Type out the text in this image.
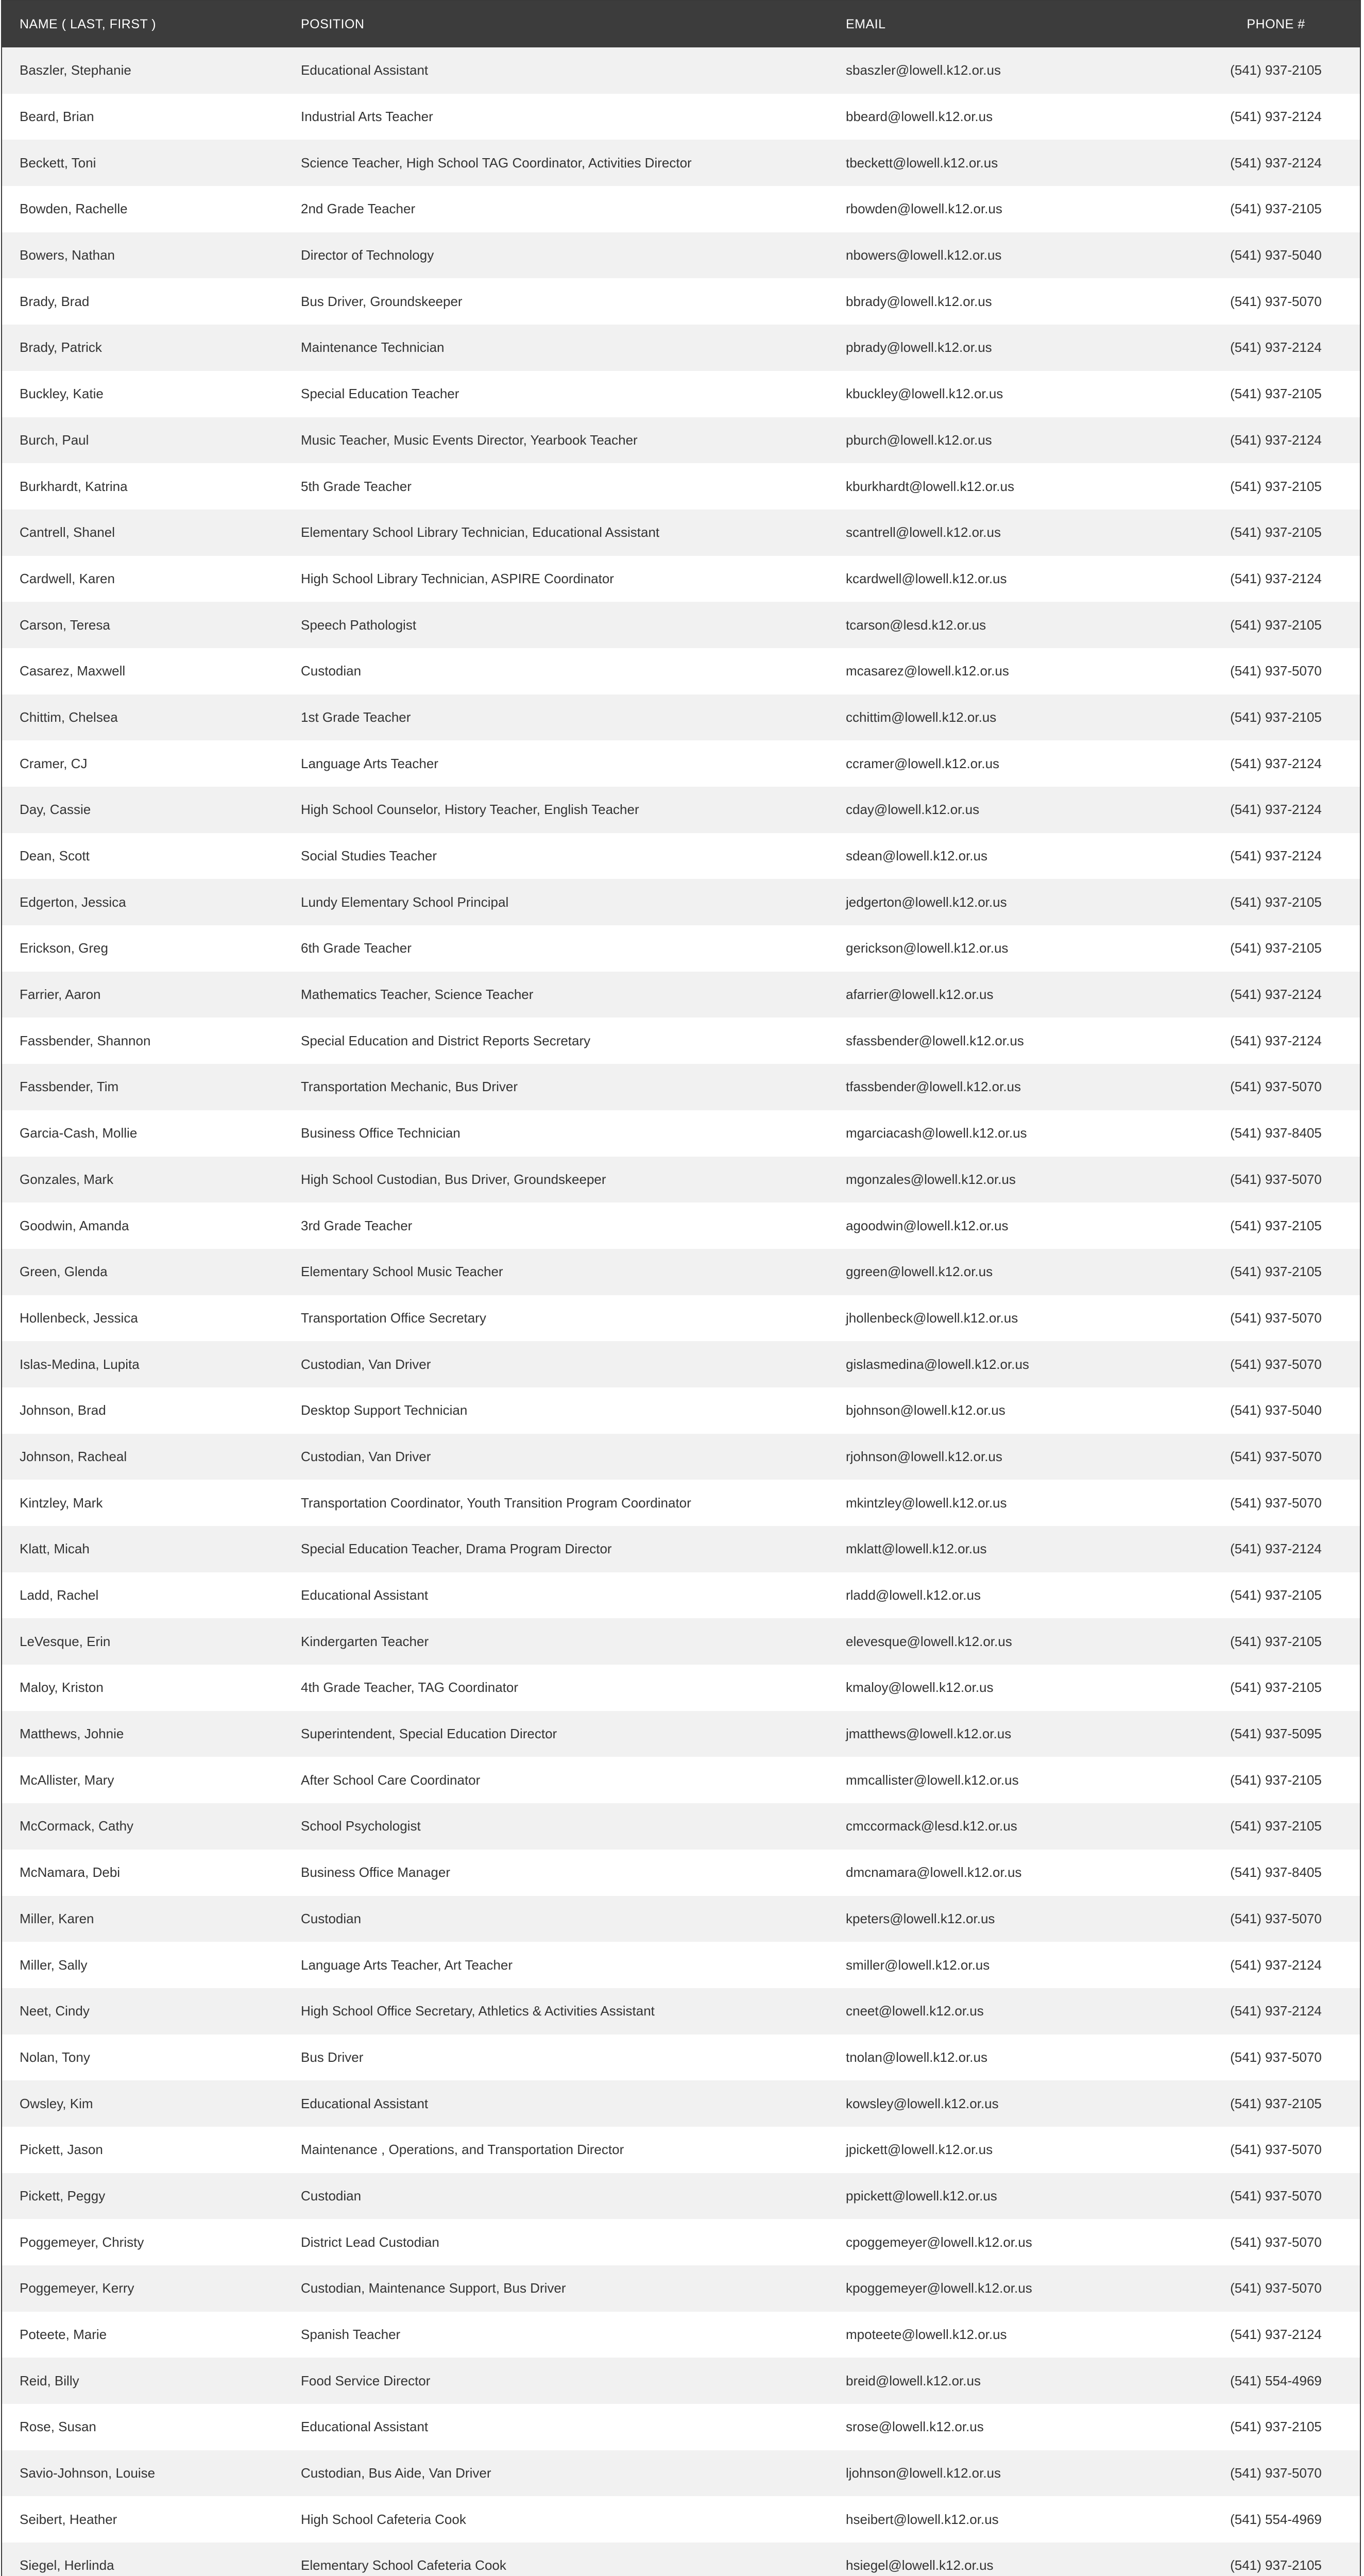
NAME ( LAST, FIRST )	POSITION	EMAIL	PHONE #
Baszler, Stephanie	Educational Assistant	sbaszler@lowell.k12.or.us	(541) 937-2105
Beard, Brian	Industrial Arts Teacher	bbeard@lowell.k12.or.us	(541) 937-2124
Beckett, Toni	Science Teacher, High School TAG Coordinator, Activities Director	tbeckett@lowell.k12.or.us	(541) 937-2124
Bowden, Rachelle	2nd Grade Teacher	rbowden@lowell.k12.or.us	(541) 937-2105
Bowers, Nathan	Director of Technology	nbowers@lowell.k12.or.us	(541) 937-5040
Brady, Brad	Bus Driver, Groundskeeper	bbrady@lowell.k12.or.us	(541) 937-5070
Brady, Patrick	Maintenance Technician	pbrady@lowell.k12.or.us	(541) 937-2124
Buckley, Katie	Special Education Teacher	kbuckley@lowell.k12.or.us	(541) 937-2105
Burch, Paul	Music Teacher, Music Events Director, Yearbook Teacher	pburch@lowell.k12.or.us	(541) 937-2124
Burkhardt, Katrina	5th Grade Teacher	kburkhardt@lowell.k12.or.us	(541) 937-2105
Cantrell, Shanel	Elementary School Library Technician, Educational Assistant	scantrell@lowell.k12.or.us	(541) 937-2105
Cardwell, Karen	High School Library Technician, ASPIRE Coordinator	kcardwell@lowell.k12.or.us	(541) 937-2124
Carson, Teresa	Speech Pathologist	tcarson@lesd.k12.or.us	(541) 937-2105
Casarez, Maxwell	Custodian	mcasarez@lowell.k12.or.us	(541) 937-5070
Chittim, Chelsea	1st Grade Teacher	cchittim@lowell.k12.or.us	(541) 937-2105
Cramer, CJ	Language Arts Teacher	ccramer@lowell.k12.or.us	(541) 937-2124
Day, Cassie	High School Counselor, History Teacher, English Teacher	cday@lowell.k12.or.us	(541) 937-2124
Dean, Scott	Social Studies Teacher	sdean@lowell.k12.or.us	(541) 937-2124
Edgerton, Jessica	Lundy Elementary School Principal	jedgerton@lowell.k12.or.us	(541) 937-2105
Erickson, Greg	6th Grade Teacher	gerickson@lowell.k12.or.us	(541) 937-2105
Farrier, Aaron	Mathematics Teacher, Science Teacher	afarrier@lowell.k12.or.us	(541) 937-2124
Fassbender, Shannon	Special Education and District Reports Secretary	sfassbender@lowell.k12.or.us	(541) 937-2124
Fassbender, Tim	Transportation Mechanic, Bus Driver	tfassbender@lowell.k12.or.us	(541) 937-5070
Garcia-Cash, Mollie	Business Office Technician	mgarciacash@lowell.k12.or.us	(541) 937-8405
Gonzales, Mark	High School Custodian, Bus Driver, Groundskeeper	mgonzales@lowell.k12.or.us	(541) 937-5070
Goodwin, Amanda	3rd Grade Teacher	agoodwin@lowell.k12.or.us	(541) 937-2105
Green, Glenda	Elementary School Music Teacher	ggreen@lowell.k12.or.us	(541) 937-2105
Hollenbeck, Jessica	Transportation Office Secretary	jhollenbeck@lowell.k12.or.us	(541) 937-5070
Islas-Medina, Lupita	Custodian, Van Driver	gislasmedina@lowell.k12.or.us	(541) 937-5070
Johnson, Brad	Desktop Support Technician	bjohnson@lowell.k12.or.us	(541) 937-5040
Johnson, Racheal	Custodian, Van Driver	rjohnson@lowell.k12.or.us	(541) 937-5070
Kintzley, Mark	Transportation Coordinator, Youth Transition Program Coordinator	mkintzley@lowell.k12.or.us	(541) 937-5070
Klatt, Micah	Special Education Teacher, Drama Program Director	mklatt@lowell.k12.or.us	(541) 937-2124
Ladd, Rachel	Educational Assistant	rladd@lowell.k12.or.us	(541) 937-2105
LeVesque, Erin	Kindergarten Teacher	elevesque@lowell.k12.or.us	(541) 937-2105
Maloy, Kriston	4th Grade Teacher, TAG Coordinator	kmaloy@lowell.k12.or.us	(541) 937-2105
Matthews, Johnie	Superintendent, Special Education Director	jmatthews@lowell.k12.or.us	(541) 937-5095
McAllister, Mary	After School Care Coordinator	mmcallister@lowell.k12.or.us	(541) 937-2105
McCormack, Cathy	School Psychologist	cmccormack@lesd.k12.or.us	(541) 937-2105
McNamara, Debi	Business Office Manager	dmcnamara@lowell.k12.or.us	(541) 937-8405
Miller, Karen	Custodian	kpeters@lowell.k12.or.us	(541) 937-5070
Miller, Sally	Language Arts Teacher, Art Teacher	smiller@lowell.k12.or.us	(541) 937-2124
Neet, Cindy	High School Office Secretary, Athletics & Activities Assistant	cneet@lowell.k12.or.us	(541) 937-2124
Nolan, Tony	Bus Driver	tnolan@lowell.k12.or.us	(541) 937-5070
Owsley, Kim	Educational Assistant	kowsley@lowell.k12.or.us	(541) 937-2105
Pickett, Jason	Maintenance , Operations, and Transportation Director	jpickett@lowell.k12.or.us	(541) 937-5070
Pickett, Peggy	Custodian	ppickett@lowell.k12.or.us	(541) 937-5070
Poggemeyer, Christy	District Lead Custodian	cpoggemeyer@lowell.k12.or.us	(541) 937-5070
Poggemeyer, Kerry	Custodian, Maintenance Support, Bus Driver	kpoggemeyer@lowell.k12.or.us	(541) 937-5070
Poteete, Marie	Spanish Teacher	mpoteete@lowell.k12.or.us	(541) 937-2124
Reid, Billy	Food Service Director	breid@lowell.k12.or.us	(541) 554-4969
Rose, Susan	Educational Assistant	srose@lowell.k12.or.us	(541) 937-2105
Savio-Johnson, Louise	Custodian, Bus Aide, Van Driver	ljohnson@lowell.k12.or.us	(541) 937-5070
Seibert, Heather	High School Cafeteria Cook	hseibert@lowell.k12.or.us	(541) 554-4969
Siegel, Herlinda	Elementary School Cafeteria Cook	hsiegel@lowell.k12.or.us	(541) 937-2105
